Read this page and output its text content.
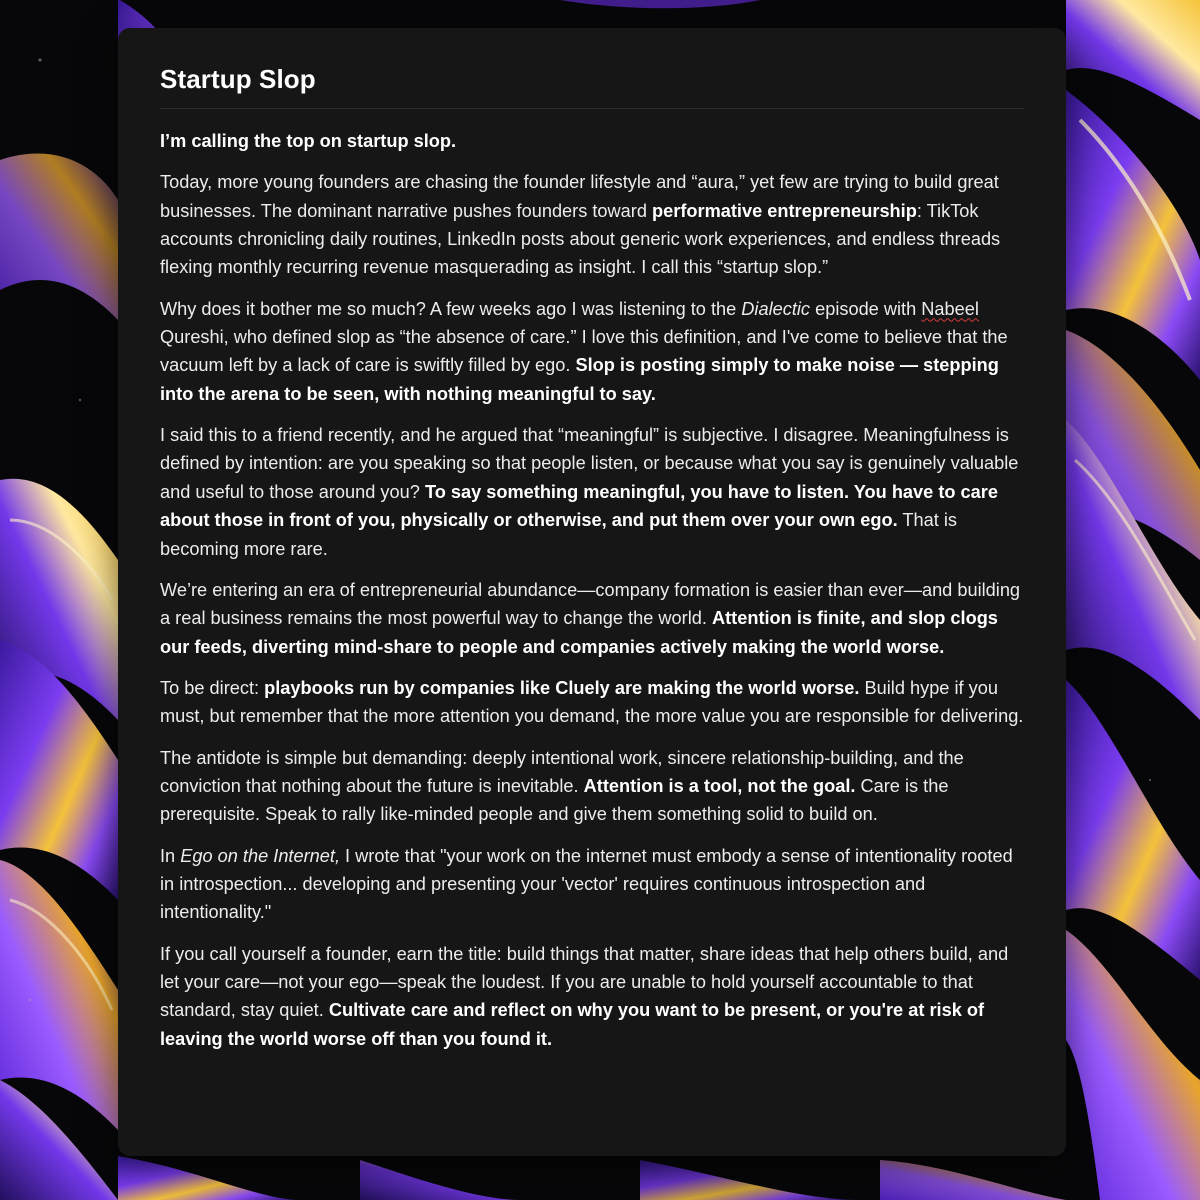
Startup Slop

I’m calling the top on startup slop.

Today, more young founders are chasing the founder lifestyle and “aura,” yet few are trying to build great businesses. The dominant narrative pushes founders toward performative entrepreneurship: TikTok accounts chronicling daily routines, LinkedIn posts about generic work experiences, and endless threads flexing monthly recurring revenue masquerading as insight. I call this “startup slop.”

Why does it bother me so much? A few weeks ago I was listening to the Dialectic episode with Nabeel Qureshi, who defined slop as “the absence of care.” I love this definition, and I've come to believe that the vacuum left by a lack of care is swiftly filled by ego. Slop is posting simply to make noise — stepping into the arena to be seen, with nothing meaningful to say.

I said this to a friend recently, and he argued that “meaningful” is subjective. I disagree. Meaningfulness is defined by intention: are you speaking so that people listen, or because what you say is genuinely valuable and useful to those around you? To say something meaningful, you have to listen. You have to care about those in front of you, physically or otherwise, and put them over your own ego. That is becoming more rare.

We’re entering an era of entrepreneurial abundance—company formation is easier than ever—and building a real business remains the most powerful way to change the world. Attention is finite, and slop clogs our feeds, diverting mind-share to people and companies actively making the world worse.

To be direct: playbooks run by companies like Cluely are making the world worse. Build hype if you must, but remember that the more attention you demand, the more value you are responsible for delivering.

The antidote is simple but demanding: deeply intentional work, sincere relationship-building, and the conviction that nothing about the future is inevitable. Attention is a tool, not the goal. Care is the prerequisite. Speak to rally like-minded people and give them something solid to build on.

In Ego on the Internet, I wrote that "your work on the internet must embody a sense of intentionality rooted in introspection... developing and presenting your 'vector' requires continuous introspection and intentionality."

If you call yourself a founder, earn the title: build things that matter, share ideas that help others build, and let your care—not your ego—speak the loudest. If you are unable to hold yourself accountable to that standard, stay quiet. Cultivate care and reflect on why you want to be present, or you're at risk of leaving the world worse off than you found it.
